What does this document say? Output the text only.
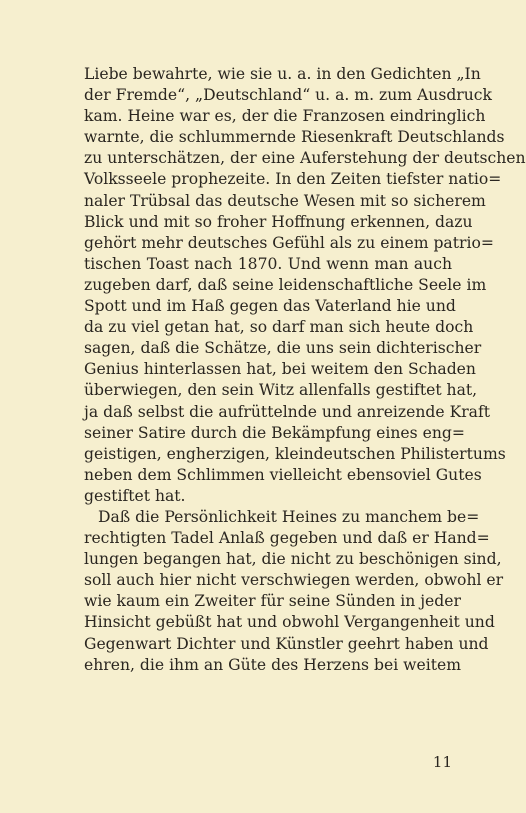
Liebe bewahrte, wie sie u. a. in den Gedichten „In
der Fremde“, „Deutschland“ u. a. m. zum Ausdruck
kam. Heine war es, der die Franzosen eindringlich
warnte, die schlummernde Riesenkraft Deutschlands
zu unterschätzen, der eine Auferstehung der deutschen
Volksseele prophezeite. In den Zeiten tiefster natio=
naler Trübsal das deutsche Wesen mit so sicherem
Blick und mit so froher Hoffnung erkennen, dazu
gehört mehr deutsches Gefühl als zu einem patrio=
tischen Toast nach 1870. Und wenn man auch
zugeben darf, daß seine leidenschaftliche Seele im
Spott und im Haß gegen das Vaterland hie und
da zu viel getan hat, so darf man sich heute doch
sagen, daß die Schätze, die uns sein dichterischer
Genius hinterlassen hat, bei weitem den Schaden
überwiegen, den sein Witz allenfalls gestiftet hat,
ja daß selbst die aufrüttelnde und anreizende Kraft
seiner Satire durch die Bekämpfung eines eng=
geistigen, engherzigen, kleindeutschen Philistertums
neben dem Schlimmen vielleicht ebensoviel Gutes
gestiftet hat.
Daß die Persönlichkeit Heines zu manchem be=
rechtigten Tadel Anlaß gegeben und daß er Hand=
lungen begangen hat, die nicht zu beschönigen sind,
soll auch hier nicht verschwiegen werden, obwohl er
wie kaum ein Zweiter für seine Sünden in jeder
Hinsicht gebüßt hat und obwohl Vergangenheit und
Gegenwart Dichter und Künstler geehrt haben und
ehren, die ihm an Güte des Herzens bei weitem
11
